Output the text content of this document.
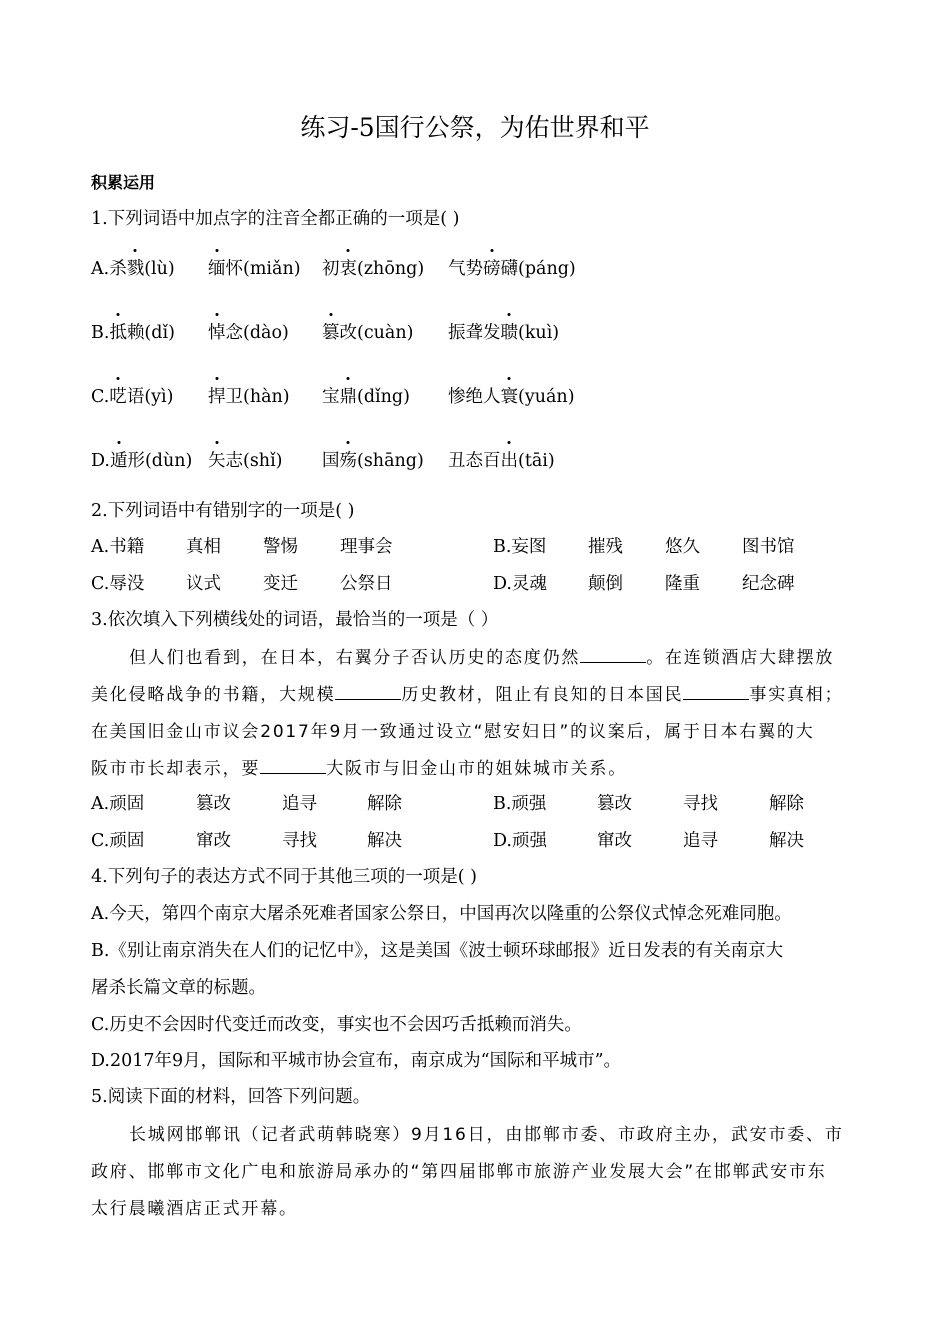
练习-5国行公祭，为佑世界和平
积累运用
1.下列词语中加点字的注音全都正确的一项是( )
A.杀戮(lù) 缅怀(miǎn) 初衷(zhōng) 气势磅礴(páng)
B.抵赖(dǐ) 悼念(dào) 篡改(cuàn) 振聋发聩(kuì)
C.呓语(yì) 捍卫(hàn) 宝鼎(dǐng) 惨绝人寰(yuán)
D.遁形(dùn) 矢志(shǐ) 国殇(shāng) 丑态百出(tāi)
2.下列词语中有错别字的一项是( )
A.书籍 真相 警惕 理事会	B.妄图 摧残 悠久 图书馆
C.辱没 议式 变迁 公祭日	D.灵魂 颠倒 隆重 纪念碑
3.依次填入下列横线处的词语，最恰当的一项是（ ）
但人们也看到，在日本，右翼分子否认历史的态度仍然	。在连锁酒店大肆摆放
美化侵略战争的书籍，大规模	历史教材，阻止有良知的日本国民	事实真相；
在美国旧金山市议会2017年9月一致通过设立“慰安妇日”的议案后，属于日本右翼的大
阪市市长却表示，要	大阪市与旧金山市的姐妹城市关系。
A.顽固	篡改	追寻	解除	B.顽强	篡改	寻找	解除
C.顽固	窜改	寻找	解决	D.顽强	窜改	追寻	解决
4.下列句子的表达方式不同于其他三项的一项是( )
A.今天，第四个南京大屠杀死难者国家公祭日，中国再次以隆重的公祭仪式悼念死难同胞。
B.《别让南京消失在人们的记忆中》，这是美国《波士顿环球邮报》近日发表的有关南京大
屠杀长篇文章的标题。
C.历史不会因时代变迁而改变，事实也不会因巧舌抵赖而消失。
D.2017年9月，国际和平城市协会宣布，南京成为“国际和平城市”。
5.阅读下面的材料，回答下列问题。
长城网邯郸讯（记者武萌韩晓寒）9月16日，由邯郸市委、市政府主办，武安市委、市
政府、邯郸市文化广电和旅游局承办的“第四届邯郸市旅游产业发展大会”在邯郸武安市东
太行晨曦酒店正式开幕。
